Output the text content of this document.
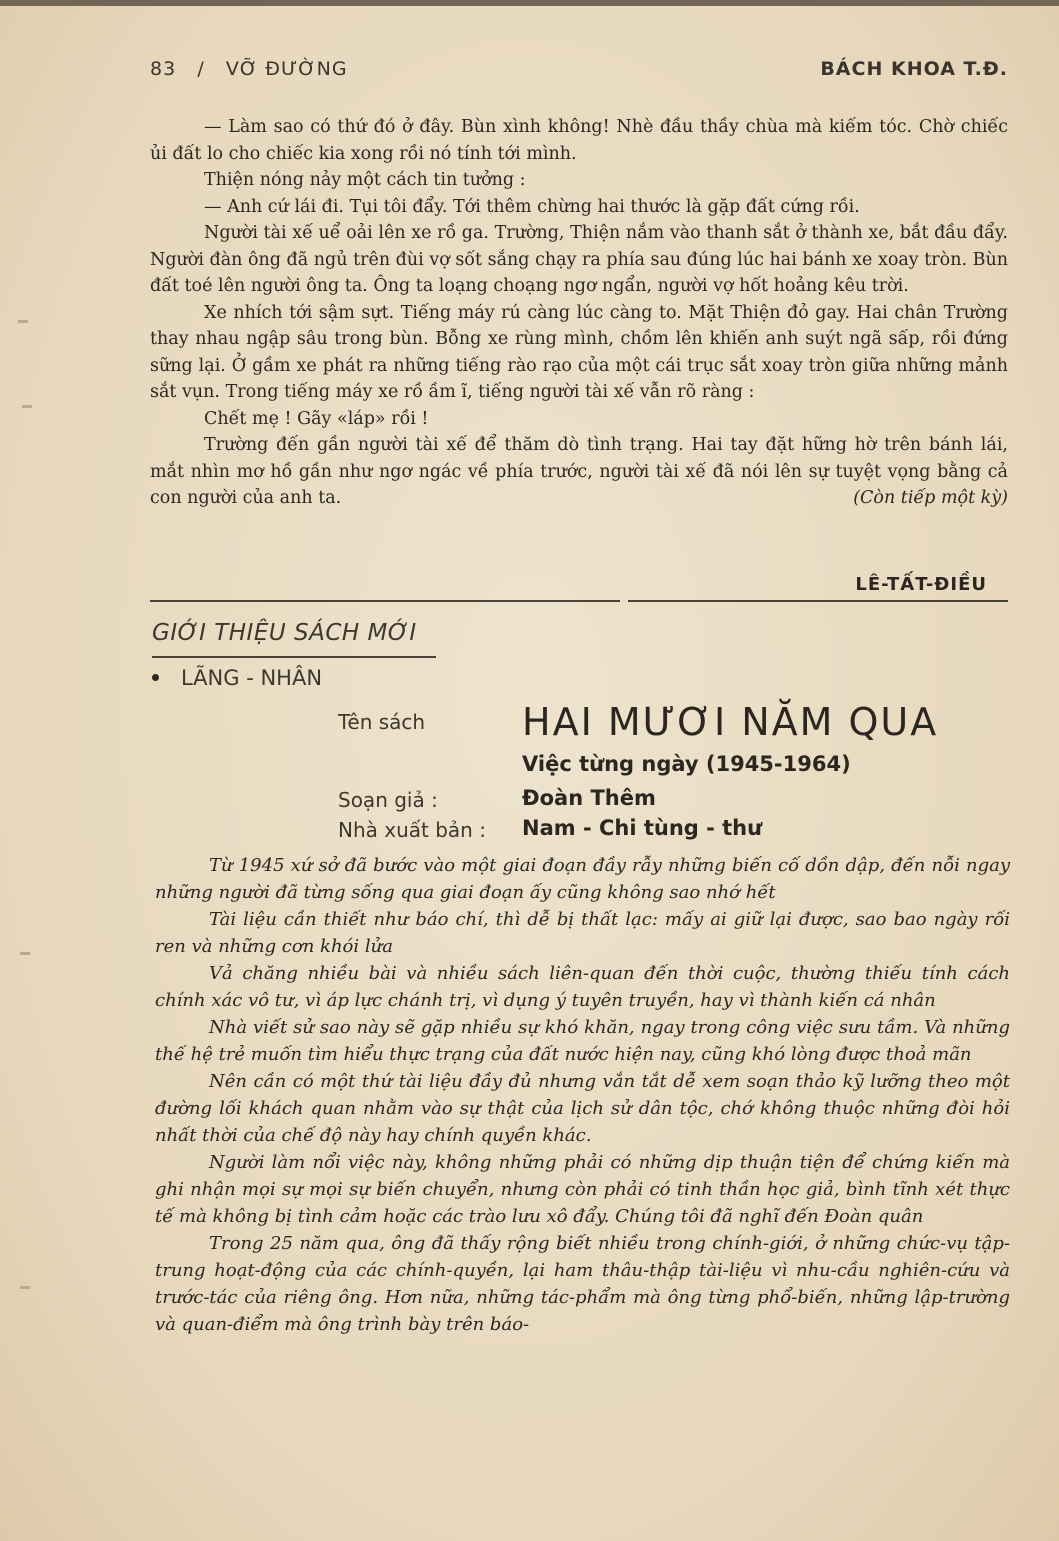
83 / VỠ ĐƯỜNG	BÁCH KHOA T.Đ.

— Làm sao có thứ đó ở đây. Bùn xình không! Nhè đầu thầy chùa mà kiếm tóc. Chờ chiếc ủi đất lo cho chiếc kia xong rồi nó tính tới mình.

Thiện nóng nảy một cách tin tưởng :

— Anh cứ lái đi. Tụi tôi đẩy. Tới thêm chừng hai thước là gặp đất cứng rồi.

Người tài xế uể oải lên xe rồ ga. Trường, Thiện nắm vào thanh sắt ở thành xe, bắt đầu đẩy. Người đàn ông đã ngủ trên đùi vợ sốt sắng chạy ra phía sau đúng lúc hai bánh xe xoay tròn. Bùn đất toé lên người ông ta. Ông ta loạng choạng ngơ ngẩn, người vợ hốt hoảng kêu trời.

Xe nhích tới sậm sựt. Tiếng máy rú càng lúc càng to. Mặt Thiện đỏ gay. Hai chân Trường thay nhau ngập sâu trong bùn. Bỗng xe rùng mình, chồm lên khiến anh suýt ngã sấp, rồi đứng sững lại. Ở gầm xe phát ra những tiếng rào rạo của một cái trục sắt xoay tròn giữa những mảnh sắt vụn. Trong tiếng máy xe rồ ầm ĩ, tiếng người tài xế vẫn rõ ràng :

Chết mẹ ! Gãy «láp» rồi !

Trường đến gần người tài xế để thăm dò tình trạng. Hai tay đặt hững hờ trên bánh lái, mắt nhìn mơ hồ gần như ngơ ngác về phía trước, người tài xế đã nói lên sự tuyệt vọng bằng cả con người của anh ta.	(Còn tiếp một kỳ)

LÊ-TẤT-ĐIỀU
GIỚI THIỆU SÁCH MỚI
LÃNG - NHÂN
Tên sách	HAI MƯƠI NĂM QUA
Việc từng ngày (1945-1964)
Soạn giả :	Đoàn Thêm
Nhà xuất bản : Nam - Chi tùng - thư

Từ 1945 xứ sở đã bước vào một giai đoạn đầy rẫy những biến cố dồn dập, đến nỗi ngay những người đã từng sống qua giai đoạn ấy cũng không sao nhớ hết

Tài liệu cần thiết như báo chí, thì dễ bị thất lạc: mấy ai giữ lại được, sao bao ngày rối ren và những cơn khói lửa

Vả chăng nhiều bài và nhiều sách liên-quan đến thời cuộc, thường thiếu tính cách chính xác vô tư, vì áp lực chánh trị, vì dụng ý tuyên truyền, hay vì thành kiến cá nhân

Nhà viết sử sao này sẽ gặp nhiều sự khó khăn, ngay trong công việc sưu tầm. Và những thế hệ trẻ muốn tìm hiểu thực trạng của đất nước hiện nay, cũng khó lòng được thoả mãn

Nên cần có một thứ tài liệu đầy đủ nhưng vắn tắt dễ xem soạn thảo kỹ lưỡng theo một đường lối khách quan nhằm vào sự thật của lịch sử dân tộc, chớ không thuộc những đòi hỏi nhất thời của chế độ này hay chính quyền khác.

Người làm nổi việc này, không những phải có những dịp thuận tiện để chứng kiến mà ghi nhận mọi sự mọi sự biến chuyển, nhưng còn phải có tinh thần học giả, bình tĩnh xét thực tế mà không bị tình cảm hoặc các trào lưu xô đẩy. Chúng tôi đã nghĩ đến Đoàn quân

Trong 25 năm qua, ông đã thấy rộng biết nhiều trong chính-giới, ở những chức-vụ tập-trung hoạt-động của các chính-quyền, lại ham thâu-thập tài-liệu vì nhu-cầu nghiên-cứu và trước-tác của riêng ông. Hơn nữa, những tác-phẩm mà ông từng phổ-biến, những lập-trường và quan-điểm mà ông trình bày trên báo-
